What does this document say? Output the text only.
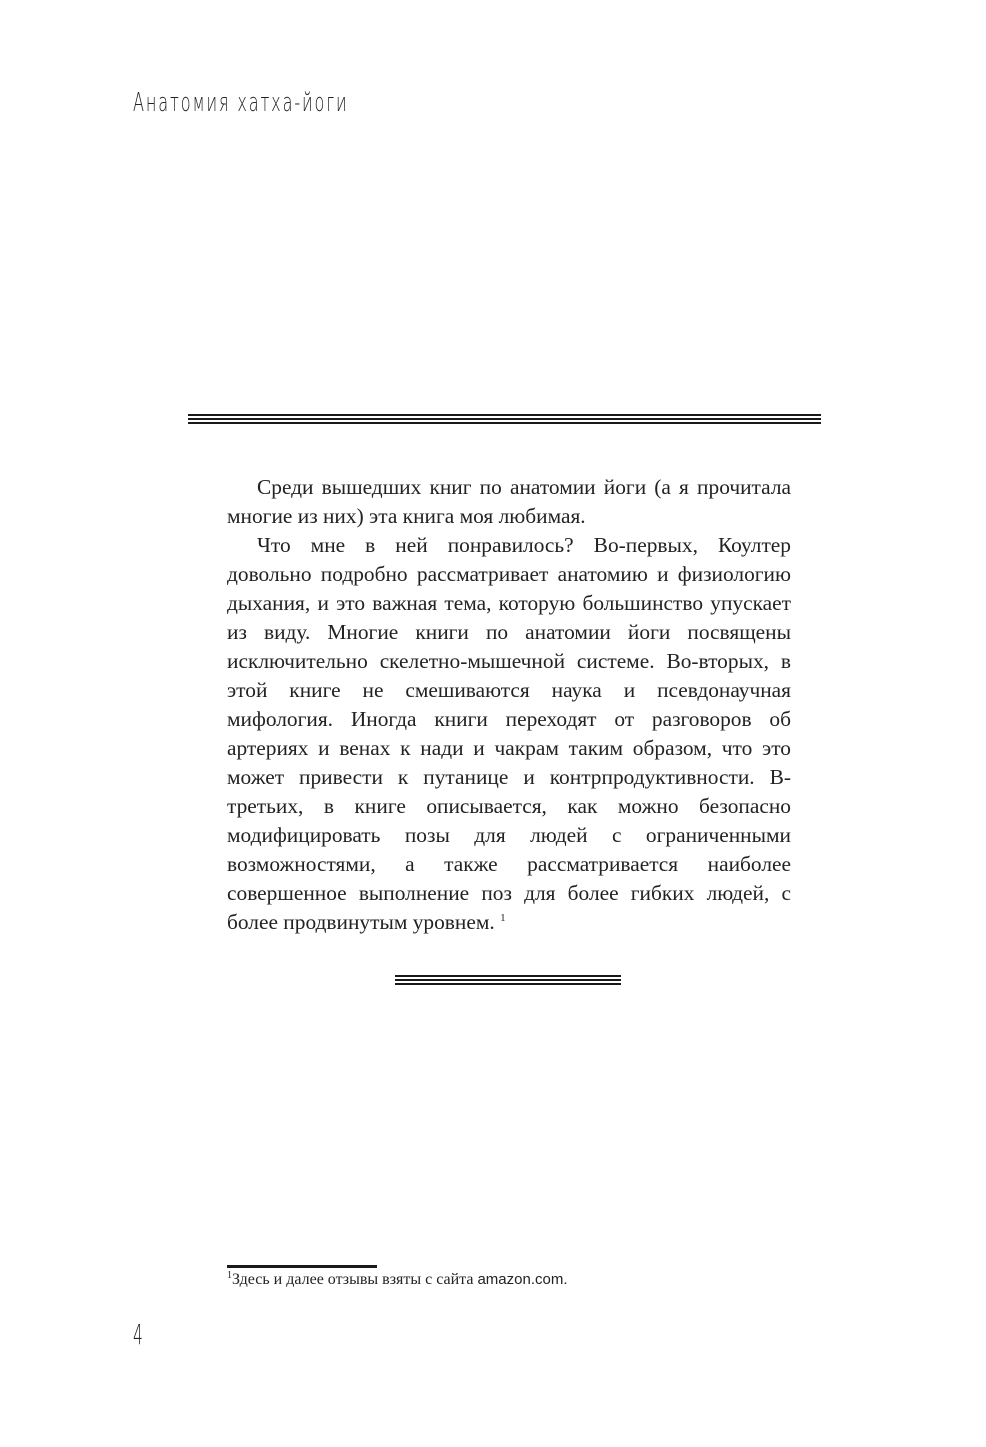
Анатомия хатха-йоги

Среди вышедших книг по анатомии йоги (а я прочитала многие из них) эта книга моя любимая.

Что мне в ней понравилось? Во-первых, Коултер довольно подробно рассматривает анатомию и физиологию дыхания, и это важная тема, которую большинство упускает из виду. Многие книги по анатомии йоги посвящены исключительно скелетно-мышечной системе. Во-вторых, в этой книге не смешиваются наука и псевдонаучная мифология. Иногда книги переходят от разговоров об артериях и венах к нади и чакрам таким образом, что это может привести к путанице и контрпродуктивности. В-третьих, в книге описывается, как можно безопасно модифицировать позы для людей с ограниченными возможностями, а также рассматривается наиболее совершенное выполнение поз для более гибких людей, с более продвинутым уровнем. $^1$

$^1$Здесь и далее отзывы взяты с сайта amazon.com.
4
